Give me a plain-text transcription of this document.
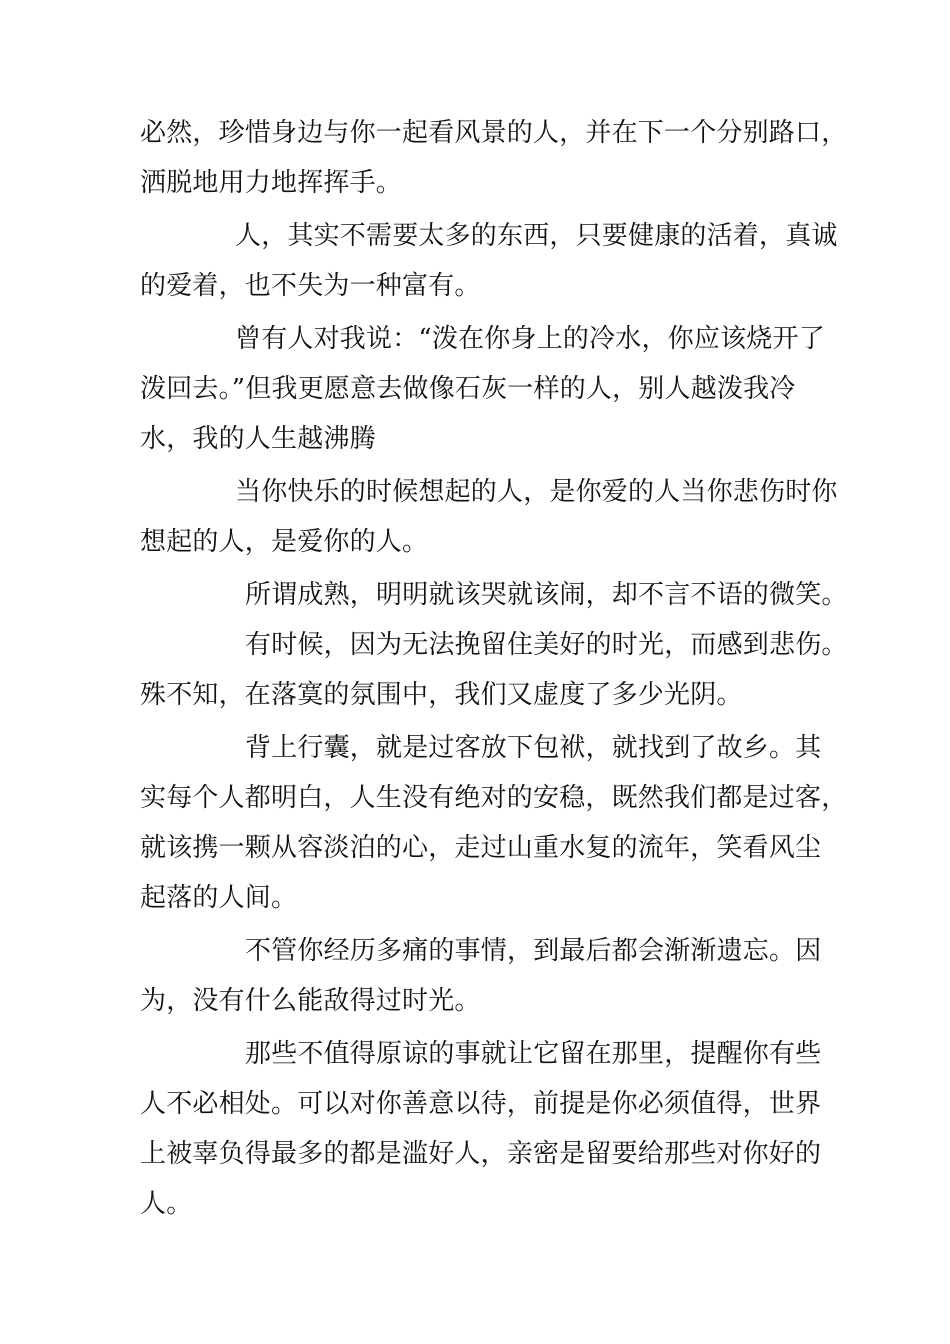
必然，珍惜身边与你一起看风景的人，并在下一个分别路口，
洒脱地用力地挥挥手。
人，其实不需要太多的东西，只要健康的活着，真诚
的爱着，也不失为一种富有。
曾有人对我说：“泼在你身上的冷水，你应该烧开了
泼回去。”但我更愿意去做像石灰一样的人，别人越泼我冷
水，我的人生越沸腾
当你快乐的时候想起的人，是你爱的人当你悲伤时你
想起的人，是爱你的人。
所谓成熟，明明就该哭就该闹，却不言不语的微笑。
有时候，因为无法挽留住美好的时光，而感到悲伤。
殊不知，在落寞的氛围中，我们又虚度了多少光阴。
背上行囊，就是过客放下包袱，就找到了故乡。其
实每个人都明白，人生没有绝对的安稳，既然我们都是过客，
就该携一颗从容淡泊的心，走过山重水复的流年，笑看风尘
起落的人间。
不管你经历多痛的事情，到最后都会渐渐遗忘。因
为，没有什么能敌得过时光。
那些不值得原谅的事就让它留在那里，提醒你有些
人不必相处。可以对你善意以待，前提是你必须值得，世界
上被辜负得最多的都是滥好人，亲密是留要给那些对你好的
人。
